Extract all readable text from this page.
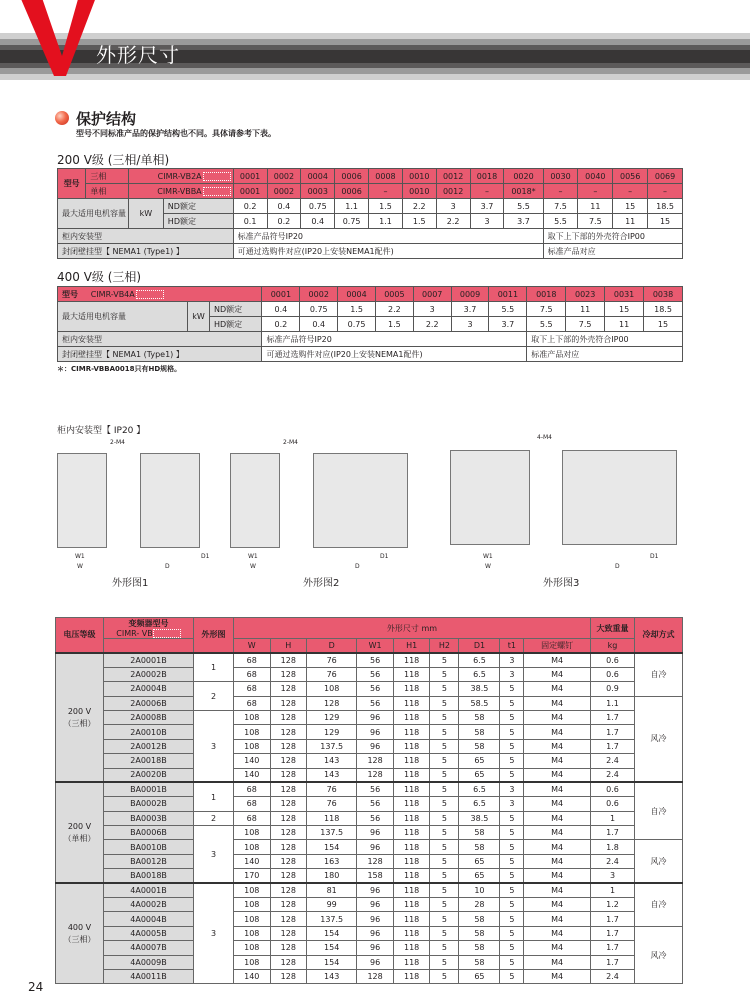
外形尺寸
保护结构
型号不同标准产品的保护结构也不同。具体请参考下表。
200 V级 (三相/单相)
型号	三相	CIMR-VB2A		0001	0002	0004	0006	0008	0010	0012	0018	0020	0030	0040	0056	0069
	单相	CIMR-VBBA		0001	0002	0003	0006	–	0010	0012	–	0018*	–	–	–	–
最大适用电机容量		kW	ND额定	0.2	0.4	0.75	1.1	1.5	2.2	3	3.7	5.5	7.5	11	15	18.5
			HD额定	0.1	0.2	0.4	0.75	1.1	1.5	2.2	3	3.7	5.5	7.5	11	15
柜内安装型				标准产品符号IP20									取下上下部的外壳符合IP00			
封闭壁挂型【 NEMA1 (Type1) 】				可通过选购件对应(IP20上安装NEMA1配件)									标准产品对应			
400 V级 (三相)
型号 CIMR-VB4A			0001	0002	0004	0005	0007	0009	0011	0018	0023	0031	0038
最大适用电机容量	kW	ND额定	0.4	0.75	1.5	2.2	3	3.7	5.5	7.5	11	15	18.5
		HD额定	0.2	0.4	0.75	1.5	2.2	3	3.7	5.5	7.5	11	15
柜内安装型			标准产品符号IP20							取下上下部的外壳符合IP00			
封闭壁挂型【 NEMA1 (Type1) 】			可通过选购件对应(IP20上安装NEMA1配件)							标准产品对应			
＊：CIMR-VBBA0018只有HD规格。
柜内安装型【 IP20 】
2-M4
W1
W	D
D1
外形图1
2-M4
W1
W	D
D1
外形图2
4-M4
W1
W	D
D1
外形图3
电压等级	变频器型号
CIMR- VB	外形图	外形尺寸 mm									大致重量	冷却方式
			W	H	D	W1	H1	H2	D1	t1	固定螺钉	kg	
200 V
（三相）	2A0001B	1	68	128	76	56	118	5	6.5	3	M4	0.6	自冷
	2A0002B		68	128	76	56	118	5	6.5	3	M4	0.6	
	2A0004B	2	68	128	108	56	118	5	38.5	5	M4	0.9	
	2A0006B		68	128	128	56	118	5	58.5	5	M4	1.1	风冷
	2A0008B	3	108	128	129	96	118	5	58	5	M4	1.7	
	2A0010B		108	128	129	96	118	5	58	5	M4	1.7	
	2A0012B		108	128	137.5	96	118	5	58	5	M4	1.7	
	2A0018B		140	128	143	128	118	5	65	5	M4	2.4	
	2A0020B		140	128	143	128	118	5	65	5	M4	2.4	
200 V
（单相）	BA0001B	1	68	128	76	56	118	5	6.5	3	M4	0.6	自冷
	BA0002B		68	128	76	56	118	5	6.5	3	M4	0.6	
	BA0003B	2	68	128	118	56	118	5	38.5	5	M4	1	
	BA0006B	3	108	128	137.5	96	118	5	58	5	M4	1.7	
	BA0010B		108	128	154	96	118	5	58	5	M4	1.8	风冷
	BA0012B		140	128	163	128	118	5	65	5	M4	2.4	
	BA0018B		170	128	180	158	118	5	65	5	M4	3	
400 V
（三相）	4A0001B	3	108	128	81	96	118	5	10	5	M4	1	自冷
	4A0002B		108	128	99	96	118	5	28	5	M4	1.2	
	4A0004B		108	128	137.5	96	118	5	58	5	M4	1.7	
	4A0005B		108	128	154	96	118	5	58	5	M4	1.7	风冷
	4A0007B		108	128	154	96	118	5	58	5	M4	1.7	
	4A0009B		108	128	154	96	118	5	58	5	M4	1.7	
	4A0011B		140	128	143	128	118	5	65	5	M4	2.4	
24
